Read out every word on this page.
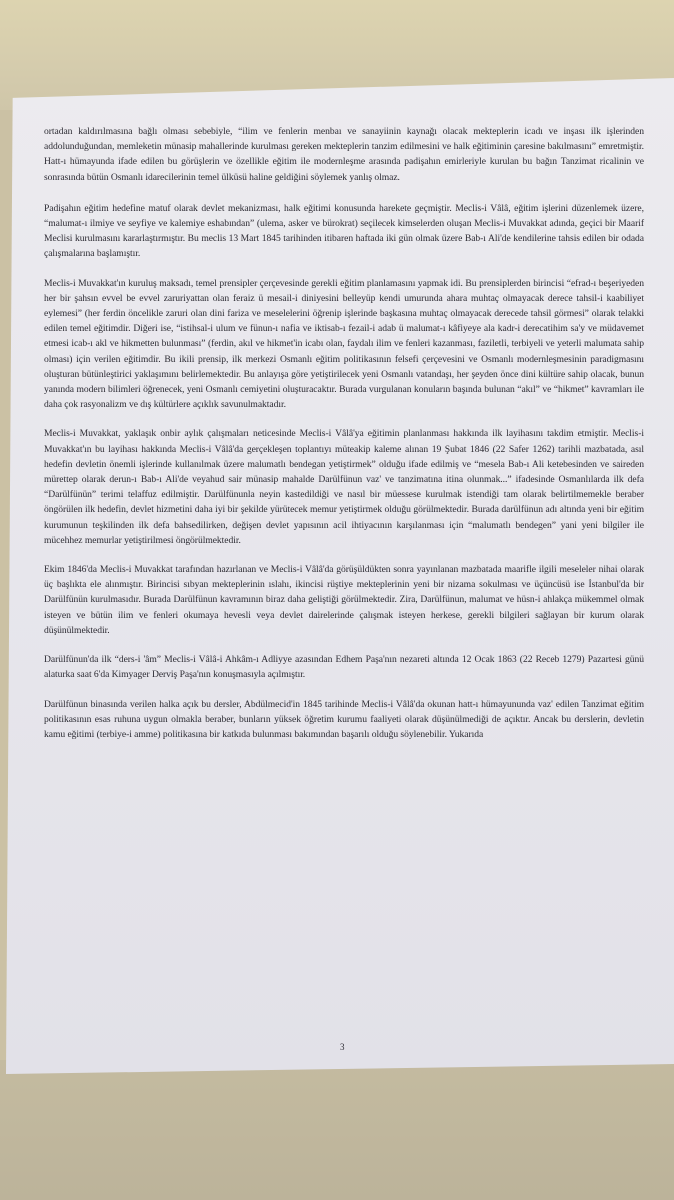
ortadan kaldırılmasına bağlı olması sebebiyle, “ilim ve fenlerin menbaı ve sanayiinin kaynağı olacak mekteplerin icadı ve inşası ilk işlerinden addolunduğundan, memleketin münasip mahallerinde kurulması gereken mekteplerin tanzim edilmesini ve halk eğitiminin çaresine bakılmasını” emretmiştir. Hatt-ı hümayunda ifade edilen bu görüşlerin ve özellikle eğitim ile modernleşme arasında padişahın emirleriyle kurulan bu bağın Tanzimat ricalinin ve sonrasında bütün Osmanlı idarecilerinin temel ülküsü haline geldiğini söylemek yanlış olmaz.

Padişahın eğitim hedefine matuf olarak devlet mekanizması, halk eğitimi konusunda harekete geçmiştir. Meclis-i Vâlâ, eğitim işlerini düzenlemek üzere, “malumat-ı ilmiye ve seyfiye ve kalemiye eshabından” (ulema, asker ve bürokrat) seçilecek kimselerden oluşan Meclis-i Muvakkat adında, geçici bir Maarif Meclisi kurulmasını kararlaştırmıştır. Bu meclis 13 Mart 1845 tarihinden itibaren haftada iki gün olmak üzere Bab-ı Ali'de kendilerine tahsis edilen bir odada çalışmalarına başlamıştır.

Meclis-i Muvakkat'ın kuruluş maksadı, temel prensipler çerçevesinde gerekli eğitim planlamasını yapmak idi. Bu prensiplerden birincisi “efrad-ı beşeriyeden her bir şahsın evvel be evvel zaruriyattan olan feraiz ü mesail-i diniyesini belleyüp kendi umurunda ahara muhtaç olmayacak derece tahsil-i kaabiliyet eylemesi” (her ferdin öncelikle zaruri olan dini fariza ve meselelerini öğrenip işlerinde başkasına muhtaç olmayacak derecede tahsil görmesi” olarak telakki edilen temel eğitimdir. Diğeri ise, “istihsal-i ulum ve fünun-ı nafia ve iktisab-ı fezail-i adab ü malumat-ı kâfiyeye ala kadr-i derecatihim sa'y ve müdavemet etmesi icab-ı akl ve hikmetten bulunması” (ferdin, akıl ve hikmet'in icabı olan, faydalı ilim ve fenleri kazanması, faziletli, terbiyeli ve yeterli malumata sahip olması) için verilen eğitimdir. Bu ikili prensip, ilk merkezi Osmanlı eğitim politikasının felsefi çerçevesini ve Osmanlı modernleşmesinin paradigmasını oluşturan bütünleştirici yaklaşımını belirlemektedir. Bu anlayışa göre yetiştirilecek yeni Osmanlı vatandaşı, her şeyden önce dini kültüre sahip olacak, bunun yanında modern bilimleri öğrenecek, yeni Osmanlı cemiyetini oluşturacaktır. Burada vurgulanan konuların başında bulunan “akıl” ve “hikmet” kavramları ile daha çok rasyonalizm ve dış kültürlere açıklık savunulmaktadır.

Meclis-i Muvakkat, yaklaşık onbir aylık çalışmaları neticesinde Meclis-i Vâlâ'ya eğitimin planlanması hakkında ilk layihasını takdim etmiştir. Meclis-i Muvakkat'ın bu layihası hakkında Meclis-i Vâlâ'da gerçekleşen toplantıyı müteakip kaleme alınan 19 Şubat 1846 (22 Safer 1262) tarihli mazbatada, asıl hedefin devletin önemli işlerinde kullanılmak üzere malumatlı bendegan yetiştirmek” olduğu ifade edilmiş ve “mesela Bab-ı Ali ketebesinden ve saireden mürettep olarak derun-ı Bab-ı Ali'de veyahud sair münasip mahalde Darülfünun vaz' ve tanzimatına itina olunmak...” ifadesinde Osmanlılarda ilk defa “Darülfünün” terimi telaffuz edilmiştir. Darülfünunla neyin kastedildiği ve nasıl bir müessese kurulmak istendiği tam olarak belirtilmemekle beraber öngörülen ilk hedefin, devlet hizmetini daha iyi bir şekilde yürütecek memur yetiştirmek olduğu görülmektedir. Burada darülfünun adı altında yeni bir eğitim kurumunun teşkilinden ilk defa bahsedilirken, değişen devlet yapısının acil ihtiyacının karşılanması için “malumatlı bendegen” yani yeni bilgiler ile mücehhez memurlar yetiştirilmesi öngörülmektedir.

Ekim 1846'da Meclis-i Muvakkat tarafından hazırlanan ve Meclis-i Vâlâ'da görüşüldükten sonra yayınlanan mazbatada maarifle ilgili meseleler nihai olarak üç başlıkta ele alınmıştır. Birincisi sıbyan mekteplerinin ıslahı, ikincisi rüştiye mekteplerinin yeni bir nizama sokulması ve üçüncüsü ise İstanbul'da bir Darülfünün kurulmasıdır. Burada Darülfünun kavramının biraz daha geliştiği görülmektedir. Zira, Darülfünun, malumat ve hüsn-i ahlakça mükemmel olmak isteyen ve bütün ilim ve fenleri okumaya hevesli veya devlet dairelerinde çalışmak isteyen herkese, gerekli bilgileri sağlayan bir kurum olarak düşünülmektedir.

Darülfünun'da ilk “ders-i 'âm” Meclis-i Vâlâ-i Ahkâm-ı Adliyye azasından Edhem Paşa'nın nezareti altında 12 Ocak 1863 (22 Receb 1279) Pazartesi günü alaturka saat 6'da Kimyager Derviş Paşa'nın konuşmasıyla açılmıştır.

Darülfünun binasında verilen halka açık bu dersler, Abdülmecid'in 1845 tarihinde Meclis-i Vâlâ'da okunan hatt-ı hümayununda vaz' edilen Tanzimat eğitim politikasının esas ruhuna uygun olmakla beraber, bunların yüksek öğretim kurumu faaliyeti olarak düşünülmediği de açıktır. Ancak bu derslerin, devletin kamu eğitimi (terbiye-i amme) politikasına bir katkıda bulunması bakımından başarılı olduğu söylenebilir. Yukarıda

3
